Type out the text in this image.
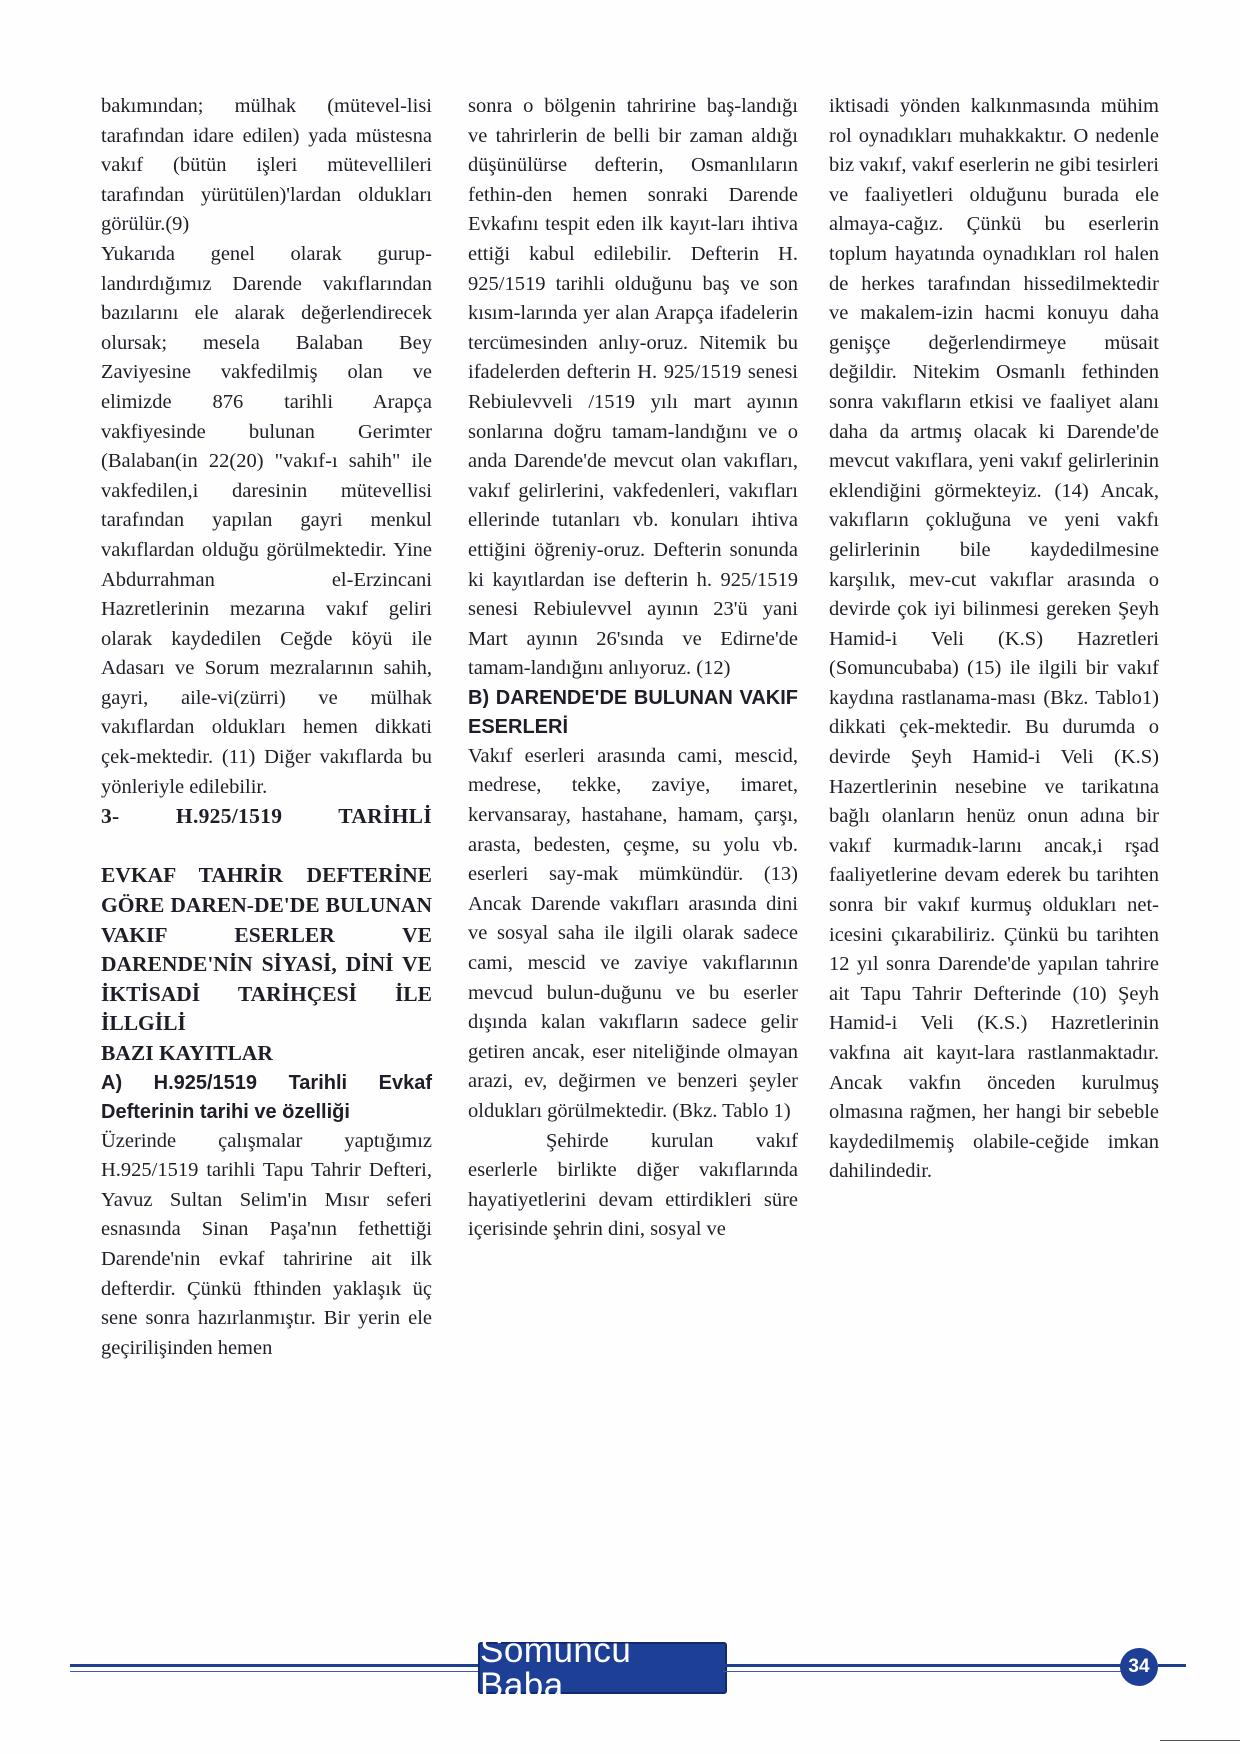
bakımından; mülhak (mütevel-lisi tarafından idare edilen) yada müstesna vakıf (bütün işleri mütevellileri tarafından yürütülen)'lardan oldukları görülür.(9)

Yukarıda genel olarak gurup-landırdığımız Darende vakıflarından bazılarını ele alarak değerlendirecek olursak; mesela Balaban Bey Zaviyesine vakfedilmiş olan ve elimizde 876 tarihli Arapça vakfiyesinde bulunan Gerimter (Balaban(in 22(20) "vakıf-ı sahih" ile vakfedilen,i daresinin mütevellisi tarafından yapılan gayri menkul vakıflardan olduğu görülmektedir. Yine Abdurrahman el-Erzincani Hazretlerinin mezarına vakıf geliri olarak kaydedilen Ceğde köyü ile Adasarı ve Sorum mezralarının sahih, gayri, aile-vi(zürri) ve mülhak vakıflardan oldukları hemen dikkati çek-mektedir. (11) Diğer vakıflarda bu yönleriyle edilebilir.

3- H.925/1519 TARİHLİ

EVKAF TAHRİR DEFTERİNE GÖRE DAREN-DE'DE BULUNAN VAKIF ESERLER VE DARENDE'NİN SİYASİ, DİNİ VE İKTİSADİ TARİHÇESİ İLE İLLGİLİ

BAZI KAYITLAR

A) H.925/1519 Tarihli Evkaf Defterinin tarihi ve özelliği

Üzerinde çalışmalar yaptığımız H.925/1519 tarihli Tapu Tahrir Defteri, Yavuz Sultan Selim'in Mısır seferi esnasında Sinan Paşa'nın fethettiği Darende'nin evkaf tahririne ait ilk defterdir. Çünkü fthinden yaklaşık üç sene sonra hazırlanmıştır. Bir yerin ele geçirilişinden hemen

sonra o bölgenin tahririne baş-landığı ve tahrirlerin de belli bir zaman aldığı düşünülürse defterin, Osmanlıların fethin-den hemen sonraki Darende Evkafını tespit eden ilk kayıt-ları ihtiva ettiği kabul edilebilir. Defterin H. 925/1519 tarihli olduğunu baş ve son kısım-larında yer alan Arapça ifadelerin tercümesinden anlıy-oruz. Nitemik bu ifadelerden defterin H. 925/1519 senesi Rebiulevveli /1519 yılı mart ayının sonlarına doğru tamam-landığını ve o anda Darende'de mevcut olan vakıfları, vakıf gelirlerini, vakfedenleri, vakıfları ellerinde tutanları vb. konuları ihtiva ettiğini öğreniy-oruz. Defterin sonunda ki kayıtlardan ise defterin h. 925/1519 senesi Rebiulevvel ayının 23'ü yani Mart ayının 26'sında ve Edirne'de tamam-landığını anlıyoruz. (12)

B) DARENDE'DE BULUNAN VAKIF ESERLERİ

Vakıf eserleri arasında cami, mescid, medrese, tekke, zaviye, imaret, kervansaray, hastahane, hamam, çarşı, arasta, bedesten, çeşme, su yolu vb. eserleri say-mak mümkündür. (13) Ancak Darende vakıfları arasında dini ve sosyal saha ile ilgili olarak sadece cami, mescid ve zaviye vakıflarının mevcud bulun-duğunu ve bu eserler dışında kalan vakıfların sadece gelir getiren ancak, eser niteliğinde olmayan arazi, ev, değirmen ve benzeri şeyler oldukları görülmektedir. (Bkz. Tablo 1)

Şehirde kurulan vakıf eserlerle birlikte diğer vakıflarında hayatiyetlerini devam ettirdikleri süre içerisinde şehrin dini, sosyal ve

iktisadi yönden kalkınmasında mühim rol oynadıkları muhakkaktır. O nedenle biz vakıf, vakıf eserlerin ne gibi tesirleri ve faaliyetleri olduğunu burada ele almaya-cağız. Çünkü bu eserlerin toplum hayatında oynadıkları rol halen de herkes tarafından hissedilmektedir ve makalem-izin hacmi konuyu daha genişçe değerlendirmeye müsait değildir. Nitekim Osmanlı fethinden sonra vakıfların etkisi ve faaliyet alanı daha da artmış olacak ki Darende'de mevcut vakıflara, yeni vakıf gelirlerinin eklendiğini görmekteyiz. (14) Ancak, vakıfların çokluğuna ve yeni vakfı gelirlerinin bile kaydedilmesine karşılık, mev-cut vakıflar arasında o devirde çok iyi bilinmesi gereken Şeyh Hamid-i Veli (K.S) Hazretleri (Somuncubaba) (15) ile ilgili bir vakıf kaydına rastlanama-ması (Bkz. Tablo1) dikkati çek-mektedir. Bu durumda o devirde Şeyh Hamid-i Veli (K.S) Hazertlerinin nesebine ve tarikatına bağlı olanların henüz onun adına bir vakıf kurmadık-larını ancak,i rşad faaliyetlerine devam ederek bu tarihten sonra bir vakıf kurmuş oldukları net-icesini çıkarabiliriz. Çünkü bu tarihten 12 yıl sonra Darende'de yapılan tahrire ait Tapu Tahrir Defterinde (10) Şeyh Hamid-i Veli (K.S.) Hazretlerinin vakfına ait kayıt-lara rastlanmaktadır. Ancak vakfın önceden kurulmuş olmasına rağmen, her hangi bir sebeble kaydedilmemiş olabile-ceğide imkan dahilindedir.

Somuncu Baba	34
